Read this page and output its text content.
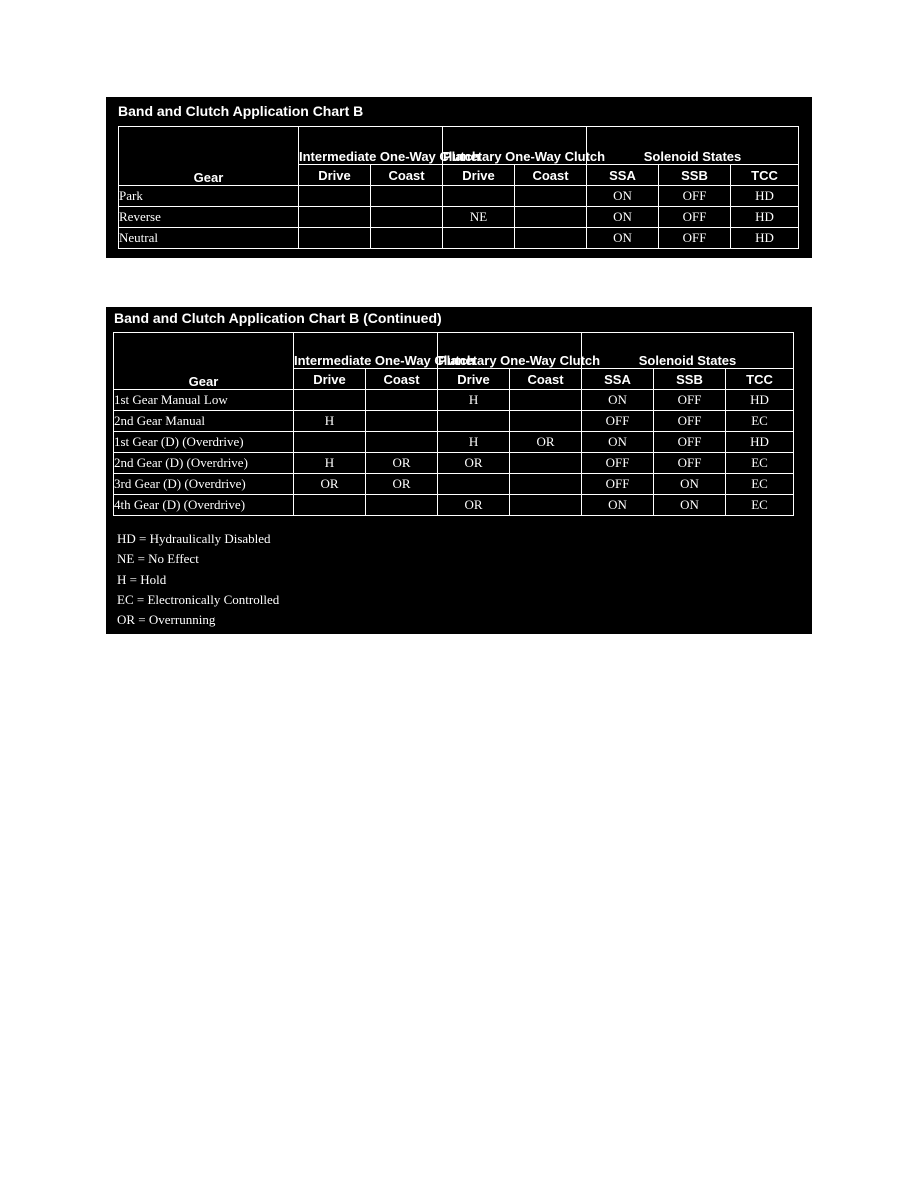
Band and Clutch Application Chart B
Gear	Intermediate One-Way Clutch		Planetary One-Way Clutch		Solenoid States		
	Drive	Coast	Drive	Coast	SSA	SSB	TCC
Park					ON	OFF	HD
Reverse			NE		ON	OFF	HD
Neutral					ON	OFF	HD
Band and Clutch Application Chart B (Continued)
Gear	Intermediate One-Way Clutch		Planetary One-Way Clutch		Solenoid States		
	Drive	Coast	Drive	Coast	SSA	SSB	TCC
1st Gear Manual Low			H		ON	OFF	HD
2nd Gear Manual	H				OFF	OFF	EC
1st Gear (D) (Overdrive)			H	OR	ON	OFF	HD
2nd Gear (D) (Overdrive)	H	OR	OR		OFF	OFF	EC
3rd Gear (D) (Overdrive)	OR	OR			OFF	ON	EC
4th Gear (D) (Overdrive)			OR		ON	ON	EC
HD = Hydraulically Disabled
NE = No Effect
H = Hold
EC = Electronically Controlled
OR = Overrunning
